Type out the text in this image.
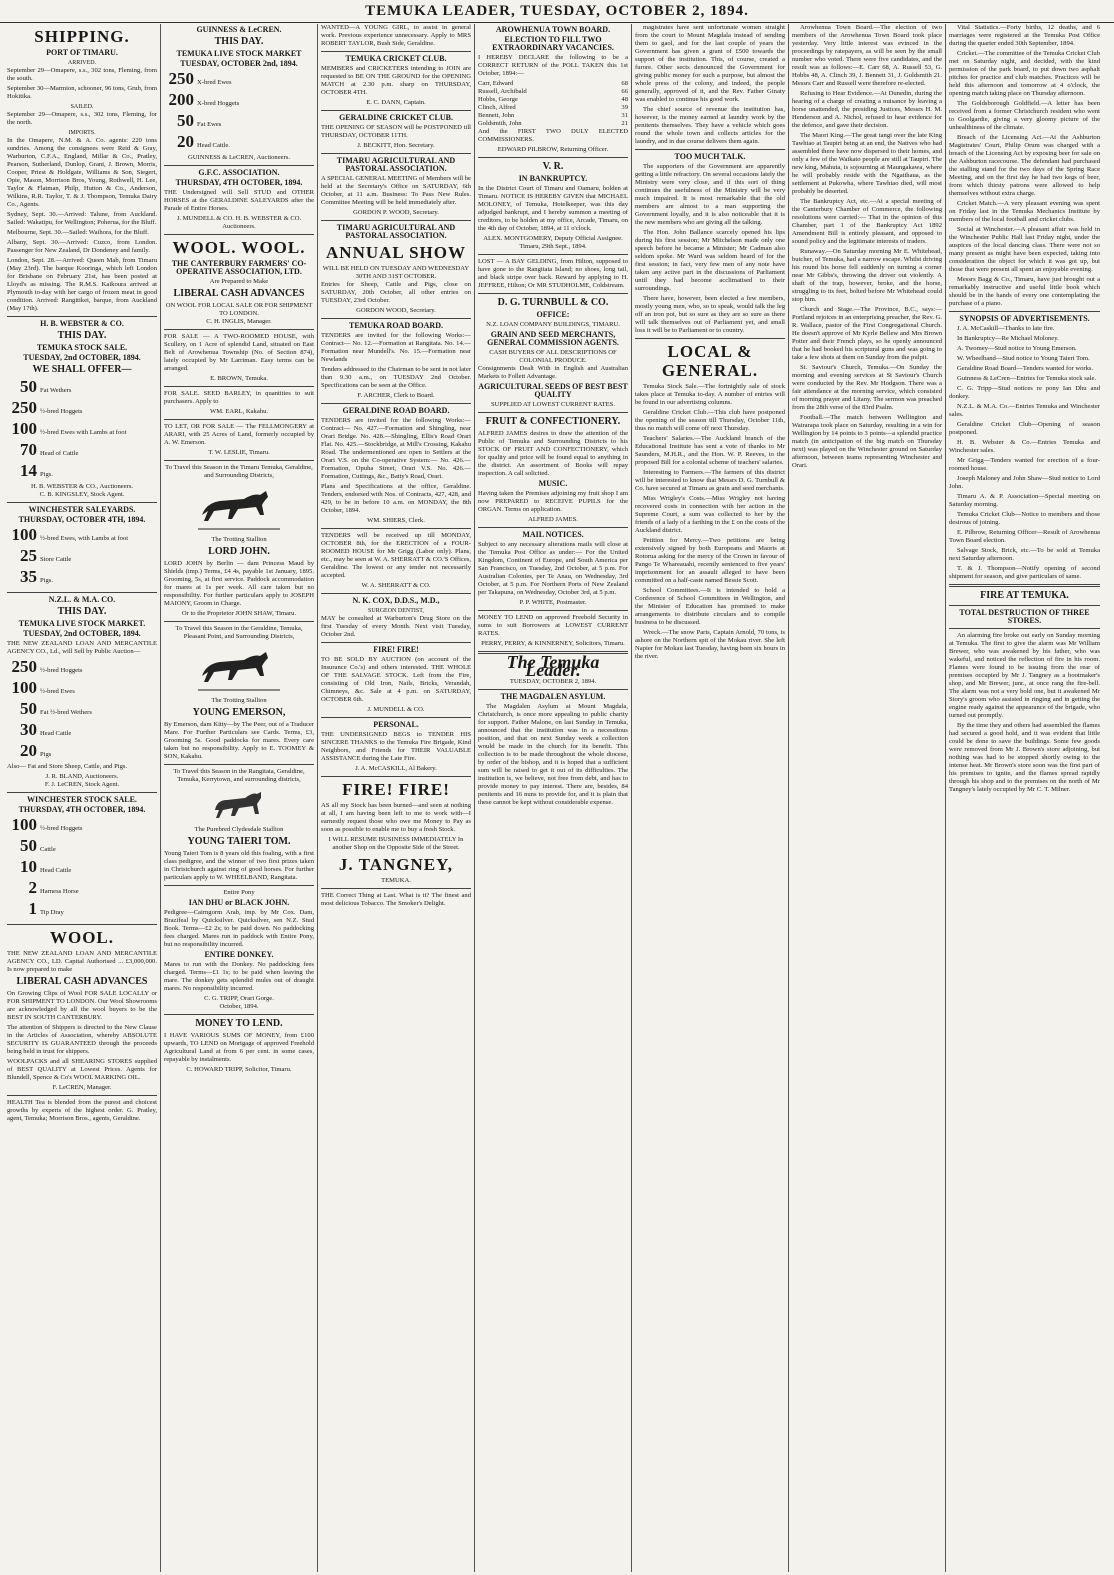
TEMUKA LEADER, TUESDAY, OCTOBER 2, 1894.
SHIPPING.
PORT OF TIMARU.
ARRIVED.

September 29—Omapere, s.s., 302 tons, Fleming, from the south.

September 30—Marmion, schooner, 96 tons, Grub, from Hokitika.

SAILED.

September 29—Omapere, s.s., 302 tons, Fleming, for the north.

IMPORTS.

In the Omapere, N.M. & A. Co. agents: 220 tons sundries. Among the consignees were Reid & Gray, Warburton, C.F.A., England, Millar & Co., Pratley, Pearson, Sutherland, Dunlop, Grant, J. Brown, Morris, Cooper, Priest & Holdgate, Williams & Son, Siegert, Opie, Mason, Morrison Bros, Young, Rothwell, H. Lee, Taylor & Flatman, Philp, Hutton & Co., Anderson, Wilkins, R.R. Taylor, T. & J. Thompson, Temuka Dairy Co., Agents.

Sydney, Sept. 30.—Arrived: Talune, from Auckland. Sailed: Wakatipu, for Wellington; Poherua, for the Bluff.

Melbourne, Sept. 30.—Sailed: Waihora, for the Bluff.

Albany, Sept. 30.—Arrived: Cuzco, from London. Passenger for New Zealand, Dr Dondeney and family.

London, Sept. 28.—Arrived: Queen Mab, from Timaru (May 23rd). The barque Kooringa, which left London for Brisbane on February 21st, has been posted at Lloyd's as missing. The R.M.S. Kaikoura arrived at Plymouth to-day with her cargo of frozen meat in good condition. Arrived: Rangitikei, barque, from Auckland (May 17th).

H. B. WEBSTER & CO.
THIS DAY.
TEMUKA STOCK SALE.
TUESDAY, 2nd OCTOBER, 1894.
WE SHALL OFFER—
50 Fat Wethers
250 ½-bred Hoggets
100 ½-bred Ewes with Lambs at foot
70 Head of Cattle
14 Pigs.
H. B. WEBSTER & CO., Auctioneers.
C. B. KINGSLEY, Stock Agent.
WINCHESTER SALEYARDS.
THURSDAY, OCTOBER 4TH, 1894.
100 ½-bred Ewes, with Lambs at foot
25 Store Cattle
35 Pigs.
N.Z.L. & M.A. CO.
THIS DAY.
TEMUKA LIVE STOCK MARKET.
TUESDAY, 2nd OCTOBER, 1894.

THE NEW ZEALAND LOAN AND MERCANTILE AGENCY CO., Ld., will Sell by Public Auction—

250 ½-bred Hoggets
100 ½-bred Ewes
50 Fat ½-bred Wethers
30 Head Cattle
20 Pigs

Also— Fat and Store Sheep, Cattle, and Pigs.

J. R. BLAND, Auctioneers.
F. J. LeCREN, Stock Agent.
WINCHESTER STOCK SALE.
THURSDAY, 4TH OCTOBER, 1894.
100 ½-bred Hoggets
50 Cattle
10 Head Cattle
2 Harness Horse
1 Tip Dray
WOOL.

THE NEW ZEALAND LOAN AND MERCANTILE AGENCY CO., LD. Capital Authorised ... £3,000,000. Is now prepared to make

LIBERAL CASH ADVANCES

On Growing Clips of Wool FOR SALE LOCALLY or FOR SHIPMENT TO LONDON. Our Wool Showrooms are acknowledged by all the wool buyers to be the BEST IN SOUTH CANTERBURY.

The attention of Shippers is directed to the New Clause in the Articles of Association, whereby ABSOLUTE SECURITY IS GUARANTEED through the proceeds being held in trust for shippers.

WOOLPACKS and all SHEARING STORES supplied of BEST QUALITY at Lowest Prices. Agents for Blundell, Spence & Co's WOOL MARKING OIL.

F. LeCREN, Manager.

HEALTH Tea is blended from the purest and choicest growths by experts of the highest order. G. Pratley, agent, Temuka; Morrison Bros., agents, Geraldine.

GUINNESS & LeCREN.
THIS DAY.
TEMUKA LIVE STOCK MARKET
TUESDAY, OCTOBER 2nd, 1894.
250 X-bred Ewes
200 X-bred Hoggets
50 Fat Ewes
20 Head Cattle.
GUINNESS & LeCREN, Auctioneers.
G.F.C. ASSOCIATION.
THURSDAY, 4TH OCTOBER, 1894.

THE Undersigned will Sell STUD and OTHER HORSES at the GERALDINE SALEYARDS after the Parade of Entire Horses.

J. MUNDELL & CO. H. B. WEBSTER & CO. Auctioneers.
WOOL. WOOL.
THE CANTERBURY FARMERS' CO-OPERATIVE ASSOCIATION, LTD.
Are Prepared to Make
LIBERAL CASH ADVANCES
ON WOOL FOR LOCAL SALE OR FOR SHIPMENT TO LONDON.
C. H. INGLIS, Manager.

FOR SALE — A TWO-ROOMED HOUSE, with Scullery, on 1 Acre of splendid Land, situated on East Belt of Arowhenua Township (No. of Section 874), lately occupied by Mr Larriman. Easy terms can be arranged.

E. BROWN, Temuka.

FOR SALE. SEED BARLEY, in quantities to suit purchasers. Apply to

WM. EARL, Kakahu.

TO LET, OR FOR SALE — The FELLMONGERY at ARARI, with 25 Acres of Land, formerly occupied by A. W. Emerson.

T. W. LESLIE, Timaru.
To Travel this Season in the Timaru Temuka, Geraldine, and Surrounding Districts,
The Trotting Stallion
LORD JOHN.

LORD JOHN by Berlin — dam Princess Maud by Shields (imp.) Terms, £4 4s, payable 1st January, 1895. Grooming, 5s, at first service. Paddock accommodation for mares at 1s per week. All care taken but no responsibility. For further particulars apply to JOSEPH MAIONY, Groom in Charge.

Or to the Proprietor JOHN SHAW, Timaru.
To Travel this Season in the Geraldine, Temuka, Pleasant Point, and Surrounding Districts,
The Trotting Stallion
YOUNG EMERSON,

By Emerson, dam Kitty—by The Peer, out of a Traducer Mare. For Further Particulars see Cards. Terms, £3, Grooming 5s. Good paddocks for mares. Every care taken but no responsibility. Apply to E. TOOMEY & SON, Kakahu.

To Travel this Season in the Rangitata, Geraldine, Temuka, Kerrytown, and surrounding districts,
The Purebred Clydesdale Stallion
YOUNG TAIERI TOM.

Young Taieri Tom is 8 years old this foaling, with a first class pedigree, and the winner of two first prizes taken in Christchurch against ring of good horses. For further particulars apply to W. WHEELBAND, Rangitata.

Entire Pony
IAN DHU or BLACK JOHN.

Pedigree—Cairngorm Arab, imp. by Mr Cox. Dam, Brazifeal by Quicksilver. Quicksilver, sen N.Z. Stud Book. Terms—£2 2s; to be paid down. No paddocking fees charged. Mares run in paddock with Entire Pony, but no responsibility incurred.

ENTIRE DONKEY.

Mares to run with the Donkey. No paddocking fees charged. Terms—£1 1s; to be paid when leaving the mare. The donkey gets splendid mules out of draught mares. No responsibility incurred.

C. G. TRIPP, Orari Gorge.
October, 1894.
MONEY TO LEND.

I HAVE VARIOUS SUMS OF MONEY, from £100 upwards, TO LEND on Mortgage of approved Freehold Agricultural Land at from 6 per cent. in some cases, repayable by instalments.

C. HOWARD TRIPP, Solicitor, Timaru.

WANTED—A YOUNG GIRL, to assist in general work. Previous experience unnecessary. Apply to MRS ROBERT TAYLOR, Bush Side, Geraldine.

TEMUKA CRICKET CLUB.

MEMBERS and CRICKETERS intending to JOIN are requested to BE ON THE GROUND for the OPENING MATCH at 2.30 p.m. sharp on THURSDAY, OCTOBER 4TH.

E. C. DANN, Captain.
GERALDINE CRICKET CLUB.

THE OPENING OF SEASON will be POSTPONED till THURSDAY, OCTOBER 11TH.

J. BECKITT, Hon. Secretary.
TIMARU AGRICULTURAL AND PASTORAL ASSOCIATION.

A SPECIAL GENERAL MEETING of Members will be held at the Secretary's Office on SATURDAY, 6th October, at 11 a.m. Business: To Pass New Rules. Committee Meeting will be held immediately after.

GORDON P. WOOD, Secretary.
TIMARU AGRICULTURAL AND PASTORAL ASSOCIATION.
ANNUAL SHOW
WILL BE HELD ON TUESDAY AND WEDNESDAY 30TH AND 31ST OCTOBER.

Entries for Sheep, Cattle and Pigs, close on SATURDAY, 20th October, all other entries on TUESDAY, 23rd October.

GORDON WOOD, Secretary.
TEMUKA ROAD BOARD.

TENDERS are invited for the following Works:— Contract— No. 12.—Formation at Rangitata. No. 14.—Formation near Mundell's. No. 15.—Formation near Newlands

Tenders addressed to the Chairman to be sent in not later than 9.30 a.m., on TUESDAY 2nd October. Specifications can be seen at the Office.

F. ARCHER, Clerk to Board.
GERALDINE ROAD BOARD.

TENDERS are invited for the following Works:— Contract— No. 427.—Formation and Shingling, near Orari Bridge. No. 428.—Shingling, Ellis's Road Orari Flat. No. 425.—Stockbridge, at Mill's Crossing, Kakahu Road. The undermentioned are open to Settlers at the Orari V.S. on the Co-operative System:— No. 426.—Formation, Opuha Street, Orari V.S. No. 426.—Formation, Cuttings, &c., Batty's Road, Orari.

Plans and Specifications at the office, Geraldine. Tenders, endorsed with Nos. of Contracts, 427, 428, and 429, to be in before 10 a.m. on MONDAY, the 8th October, 1894.

WM. SHIERS, Clerk.

TENDERS will be received up till MONDAY, OCTOBER 8th, for the ERECTION of a FOUR-ROOMED HOUSE for Mr Grigg (Labor only). Plans, etc., may be seen at W. A. SHERRATT & CO.'S Offices, Geraldine. The lowest or any tender not necessarily accepted.

W. A. SHERRATT & CO.
N. K. COX, D.D.S., M.D.,
SURGEON DENTIST,

MAY be consulted at Warburton's Drug Store on the first Tuesday of every Month. Next visit Tuesday, October 2nd.

FIRE! FIRE!

TO BE SOLD BY AUCTION (on account of the Insurance Co.'s) and others interested. THE WHOLE OF THE SALVAGE STOCK. Left from the Fire, consisting of Old Iron, Nails, Bricks, Verandah, Chimneys, &c. Sale at 4 p.m. on SATURDAY, OCTOBER 6th.

J. MUNDELL & CO.
PERSONAL.

THE UNDERSIGNED BEGS to TENDER HIS SINCERE THANKS to the Temuka Fire Brigade, Kind Neighbors, and Friends for THEIR VALUABLE ASSISTANCE during the Late Fire.

J. A. McCASKILL, Al Bakery.
FIRE! FIRE!

AS all my Stock has been burned—and seen at nothing at all, I am having been left to me to work with—I earnestly request those who owe me Money to Pay as soon as possible to enable me to buy a fresh Stock.

I WILL RESUME BUSINESS IMMEDIATELY In another Shop on the Opposite Side of the Street.
J. TANGNEY,
TEMUKA.

THE Correct Thing at Last. What is it? The finest and most delicious Tobacco. The Smoker's Delight.

AROWHENUA TOWN BOARD.
ELECTION TO FILL TWO EXTRAORDINARY VACANCIES.

I HEREBY DECLARE the following to be a CORRECT RETURN of the POLL TAKEN this 1st October, 1894:—

Carr, Edward	68
Russell, Archibald	66
Hobbs, George	48
Clinch, Alfred	39
Bennett, John	31
Goldsmith, John	21

And the FIRST TWO DULY ELECTED COMMISSIONERS.

EDWARD PILBROW, Returning Officer.
V. R.
IN BANKRUPTCY.

In the District Court of Timaru and Oamaru, holden at Timaru. NOTICE IS HEREBY GIVEN that MICHAEL MOLONEY, of Temuka, Hotelkeeper, was this day adjudged bankrupt, and I hereby summon a meeting of creditors, to be holden at my office, Arcade, Timaru, on the 4th day of October, 1894, at 11 o'clock.

ALEX. MONTGOMERY, Deputy Official Assignee. Timaru, 29th Sept., 1894.

LOST — A BAY GELDING, from Hilton, supposed to have gone to the Rangitata Island; no shoes, long tail, and black stripe over back. Reward by applying to H. JEFFREE, Hilton; Or MR STUDHOLME, Coldstream.

D. G. TURNBULL & CO.
OFFICE:
N.Z. LOAN COMPANY BUILDINGS, TIMARU.
GRAIN AND SEED MERCHANTS, GENERAL COMMISSION AGENTS.
CASH BUYERS OF ALL DESCRIPTIONS OF COLONIAL PRODUCE.

Consignments Dealt With in English and Australian Markets to Follett Advantage.

AGRICULTURAL SEEDS OF BEST BEST QUALITY
SUPPLIED AT LOWEST CURRENT RATES.
FRUIT & CONFECTIONERY.

ALFRED JAMES desires to draw the attention of the Public of Temuka and Surrounding Districts to his STOCK OF FRUIT AND CONFECTIONERY, which for quality and price will be found equal to anything in the district. An assortment of Books will repay inspection. A call solicited.

MUSIC.

Having taken the Premises adjoining my fruit shop I am now PREPARED to RECEIVE PUPILS for the ORGAN. Terms on application.

ALFRED JAMES.
MAIL NOTICES.

Subject to any necessary alterations mails will close at the Temuka Post Office as under:— For the United Kingdom, Continent of Europe, and South America per San Francisco, on Tuesday, 2nd October, at 5 p.m. For Australian Colonies, per Te Anau, on Wednesday, 3rd October, at 5 p.m. For Northern Ports of New Zealand per Takapuna, on Wednesday, October 3rd, at 5 p.m.

P. P. WHITE, Postmaster.

MONEY TO LEND on approved Freehold Security in sums to suit Borrowers at LOWEST CURRENT RATES.

PERRY, PERRY, & KINNERNEY, Solicitors, Timaru.
The Temuka Leader.
TUESDAY, OCTOBER 2, 1894.
THE MAGDALEN ASYLUM.

The Magdalen Asylum at Mount Magdala, Christchurch, is once more appealing to public charity for support. Father Malone, on last Sunday in Temuka, announced that the institution was in a necessitous position, and that on next Sunday week a collection would be made in the church for its benefit. This collection is to be made throughout the whole diocese, by order of the bishop, and it is hoped that a sufficient sum will be raised to get it out of its difficulties. The institution is, we believe, not free from debt, and has to provide money to pay interest. There are, besides, 84 penitents and 16 nuns to provide for, and it is plain that these cannot be kept without considerable expense.

magistrates have sent unfortunate women straight from the court to Mount Magdala instead of sending them to gaol, and for the last couple of years the Government has given a grant of £500 towards the support of the institution. This, of course, created a furore. Other sects denounced the Government for giving public money for such a purpose, but almost the whole press of the colony, and indeed, the people generally, approved of it, and the Rev. Father Ginaty was enabled to continue his good work.

The chief source of revenue the institution has, however, is the money earned at laundry work by the penitents themselves. They have a vehicle which goes round the whole town and collects articles for the laundry, and in due course delivers them again.

TOO MUCH TALK.

The supporters of the Government are apparently getting a little refractory. On several occasions lately the Ministry were very close, and if this sort of thing continues the usefulness of the Ministry will be very much impaired. It is most remarkable that the old members are almost to a man supporting the Government loyally, and it is also noticeable that it is the new members who are giving all the talking.

The Hon. John Ballance scarcely opened his lips during his first session; Mr Mitchelson made only one speech before he became a Minister; Mr Cadman also seldom spoke. Mr Ward was seldom heard of for the first session; in fact, very few men of any note have taken any active part in the discussions of Parliament until they had become acclimatised to their surroundings.

There have, however, been elected a few members, mostly young men, who, so to speak, would talk the leg off an iron pot, but so sure as they are so sure as there will talk themselves out of Parliament yet, and small loss it will be to Parliament or to country.

LOCAL & GENERAL.

Temuka Stock Sale.—The fortnightly sale of stock takes place at Temuka to-day. A number of entries will be found in our advertising columns.

Geraldine Cricket Club.—This club have postponed the opening of the season till Thursday, October 11th, thus no match will come off next Thursday.

Teachers' Salaries.—The Auckland branch of the Educational Institute has sent a vote of thanks to Mr Saunders, M.H.R., and the Hon. W. P. Reeves, to the proposed Bill for a colonial scheme of teachers' salaries.

Interesting to Farmers.—The farmers of this district will be interested to know that Messrs D. G. Turnbull & Co. have secured at Timaru as grain and seed merchants.

Miss Wrigley's Costs.—Miss Wrigley not having recovered costs in connection with her action in the Supreme Court, a sum was collected to her by the friends of a lady of a farthing in the £ on the costs of the Auckland district.

Petition for Mercy.—Two petitions are being extensively signed by both Europeans and Maoris at Rotorua asking for the mercy of the Crown in favour of Pango Te Whareauahi, recently sentenced to five years' imprisonment for an assault alleged to have been committed on a half-caste named Bessie Scott.

School Committees.—It is intended to hold a Conference of School Committees in Wellington, and the Minister of Education has promised to make arrangements to distribute circulars and to compile business to be discussed.

Wreck.—The snow Paris, Captain Arnold, 70 tons, is ashore on the Northern spit of the Mokau river. She left Napier for Mokau last Tuesday, having been six hours in the river.

Arowhenua Town Board.—The election of two members of the Arowhenua Town Board took place yesterday. Very little interest was evinced in the proceedings by ratepayers, as will be seen by the small number who voted. There were five candidates, and the result was as follows:—E. Carr 68, A. Russell 53, G. Hobbs 48, A. Clinch 39, J. Bennett 31, J. Goldsmith 21. Messrs Carr and Russell were therefore re-elected.

Refusing to Hear Evidence.—At Dunedin, during the hearing of a charge of creating a nuisance by leaving a horse unattended, the presiding Justices, Messrs H. M. Henderson and A. Nichol, refused to hear evidence for the defence, and gave their decision.

The Maori King.—The great tangi over the late King Tawhiao at Taupiri being at an end, the Natives who had assembled there have now dispersed to their homes, and only a few of the Waikato people are still at Taupiri. The new king, Mahuta, is sojourning at Maungakawa, where he will probably reside with the Ngatihaua, as the settlement at Pukowha, where Tawhiao died, will most probably be deserted.

The Bankruptcy Act, etc.—At a special meeting of the Canterbury Chamber of Commerce, the following resolutions were carried:— That in the opinion of this Chamber, part 1 of the Bankruptcy Act 1892 Amendment Bill is entirely pleasant, and opposed to sound policy and the legitimate interests of traders.

Runaway.—On Saturday morning Mr E. Whitehead, butcher, of Temuka, had a narrow escape. Whilst driving his round his horse fell suddenly on turning a corner near Mr Gibbs's, throwing the driver out violently. A shaft of the trap, however, broke, and the horse, struggling to its feet, bolted before Mr Whitehead could stop him.

Church and Stage.—The Province, B.C., says:— Portland rejoices in an enterprising preacher, the Rev. G. R. Wallace, pastor of the First Congregational Church. He doesn't approve of Mr Kyrle Bellew and Mrs Brown Potter and their French plays, so he openly announced that he had booked his scriptural guns and was going to take a few shots at them on Sunday from the pulpit.

St. Saviour's Church, Temuka.—On Sunday the morning and evening services at St Saviour's Church were conducted by the Rev. Mr Hodgson. There was a fair attendance at the morning service, which consisted of morning prayer and Litany. The sermon was preached from the 28th verse of the 83rd Psalm.

Football.—The match between Wellington and Wairarapa took place on Saturday, resulting in a win for Wellington by 14 points to 3 points—a splendid practice match (in anticipation of the big match on Thursday next) was played on the Winchester ground on Saturday afternoon, between teams representing Winchester and Orari.

Vital Statistics.—Forty births, 12 deaths, and 6 marriages were registered at the Temuka Post Office during the quarter ended 30th September, 1894.

Cricket.—The committee of the Temuka Cricket Club met on Saturday night, and decided, with the kind permission of the park board, to put down two asphalt pitches for practice and club matches. Practices will be held this afternoon and tomorrow at 4 o'clock, the opening match taking place on Thursday afternoon.

The Goldsborough Goldfield.—A letter has been received from a former Christchurch resident who went to Goolgardie, giving a very gloomy picture of the unhealthiness of the climate.

Breach of the Licensing Act.—At the Ashburton Magistrates' Court, Philip Orum was charged with a breach of the Licensing Act by exposing beer for sale on the Ashburton racecourse. The defendant had purchased the stalling stand for the two days of the Spring Race Meeting, and on the first day he had two kegs of beer, from which thirsty patrons were allowed to help themselves without extra charge.

Cricket Match.—A very pleasant evening was spent on Friday last in the Temuka Mechanics Institute by members of the local football and cricket clubs.

Social at Winchester.—A pleasant affair was held in the Winchester Public Hall last Friday night, under the auspices of the local dancing class. There were not so many present as might have been expected, taking into consideration the object for which it was got up, but those that were present all spent an enjoyable evening.

Messrs Bagg & Co., Timaru, have just brought out a remarkably instructive and useful little book which should be in the hands of every one contemplating the purchase of a piano.

SYNOPSIS OF ADVERTISEMENTS.

J. A. McCaskill—Thanks to late fire.

In Bankruptcy—Re Michael Moloney.

A. Twomey—Stud notice to Young Emerson.

W. Wheelband—Stud notice to Young Taieri Tom.

Geraldine Road Board—Tenders wanted for works.

Guinness & LeCren—Entries for Temuka stock sale.

C. G. Tripp—Stud notices re pony Ian Dhu and donkey.

N.Z.L. & M.A. Co.—Entries Temuka and Winchester sales.

Geraldine Cricket Club—Opening of season postponed.

H. B. Webster & Co.—Entries Temuka and Winchester sales.

Mr Grigg—Tenders wanted for erection of a four-roomed house.

Joseph Maloney and John Shaw—Stud notice to Lord John.

Timaru A. & P. Association—Special meeting on Saturday morning.

Temuka Cricket Club—Notice to members and those desirous of joining.

E. Pilbrow, Returning Officer—Result of Arowhenua Town Board election.

Salvage Stock, Brick, etc.—To be sold at Temuka next Saturday afternoon.

T. & J. Thompson—Notify opening of second shipment for season, and give particulars of same.

FIRE AT TEMUKA.
TOTAL DESTRUCTION OF THREE STORES.

An alarming fire broke out early on Sunday morning at Temuka. The first to give the alarm was Mr William Brewer, who was awakened by his father, who was wakeful, and noticed the reflection of fire in his room. Flames were found to be issuing from the rear of premises occupied by Mr J. Tangney as a bootmaker's shop, and Mr Brewer, junr., at once rang the fire-bell. The alarm was not a very bold one, but it awakened Mr Story's groom who assisted in ringing and in getting the engine ready against the appearance of the brigade, who turned out promptly.

By the time they and others had assembled the flames had secured a good hold, and it was evident that little could be done to save the buildings. Some few goods were removed from Mr J. Brown's store adjoining, but nothing was had to be stopped shortly owing to the intense heat. Mr Brown's store soon was the first part of his premises to ignite, and the flames spread rapidly through his shop and to the premises on the north of Mr Tangney's lately occupied by Mr C. T. Milner.
